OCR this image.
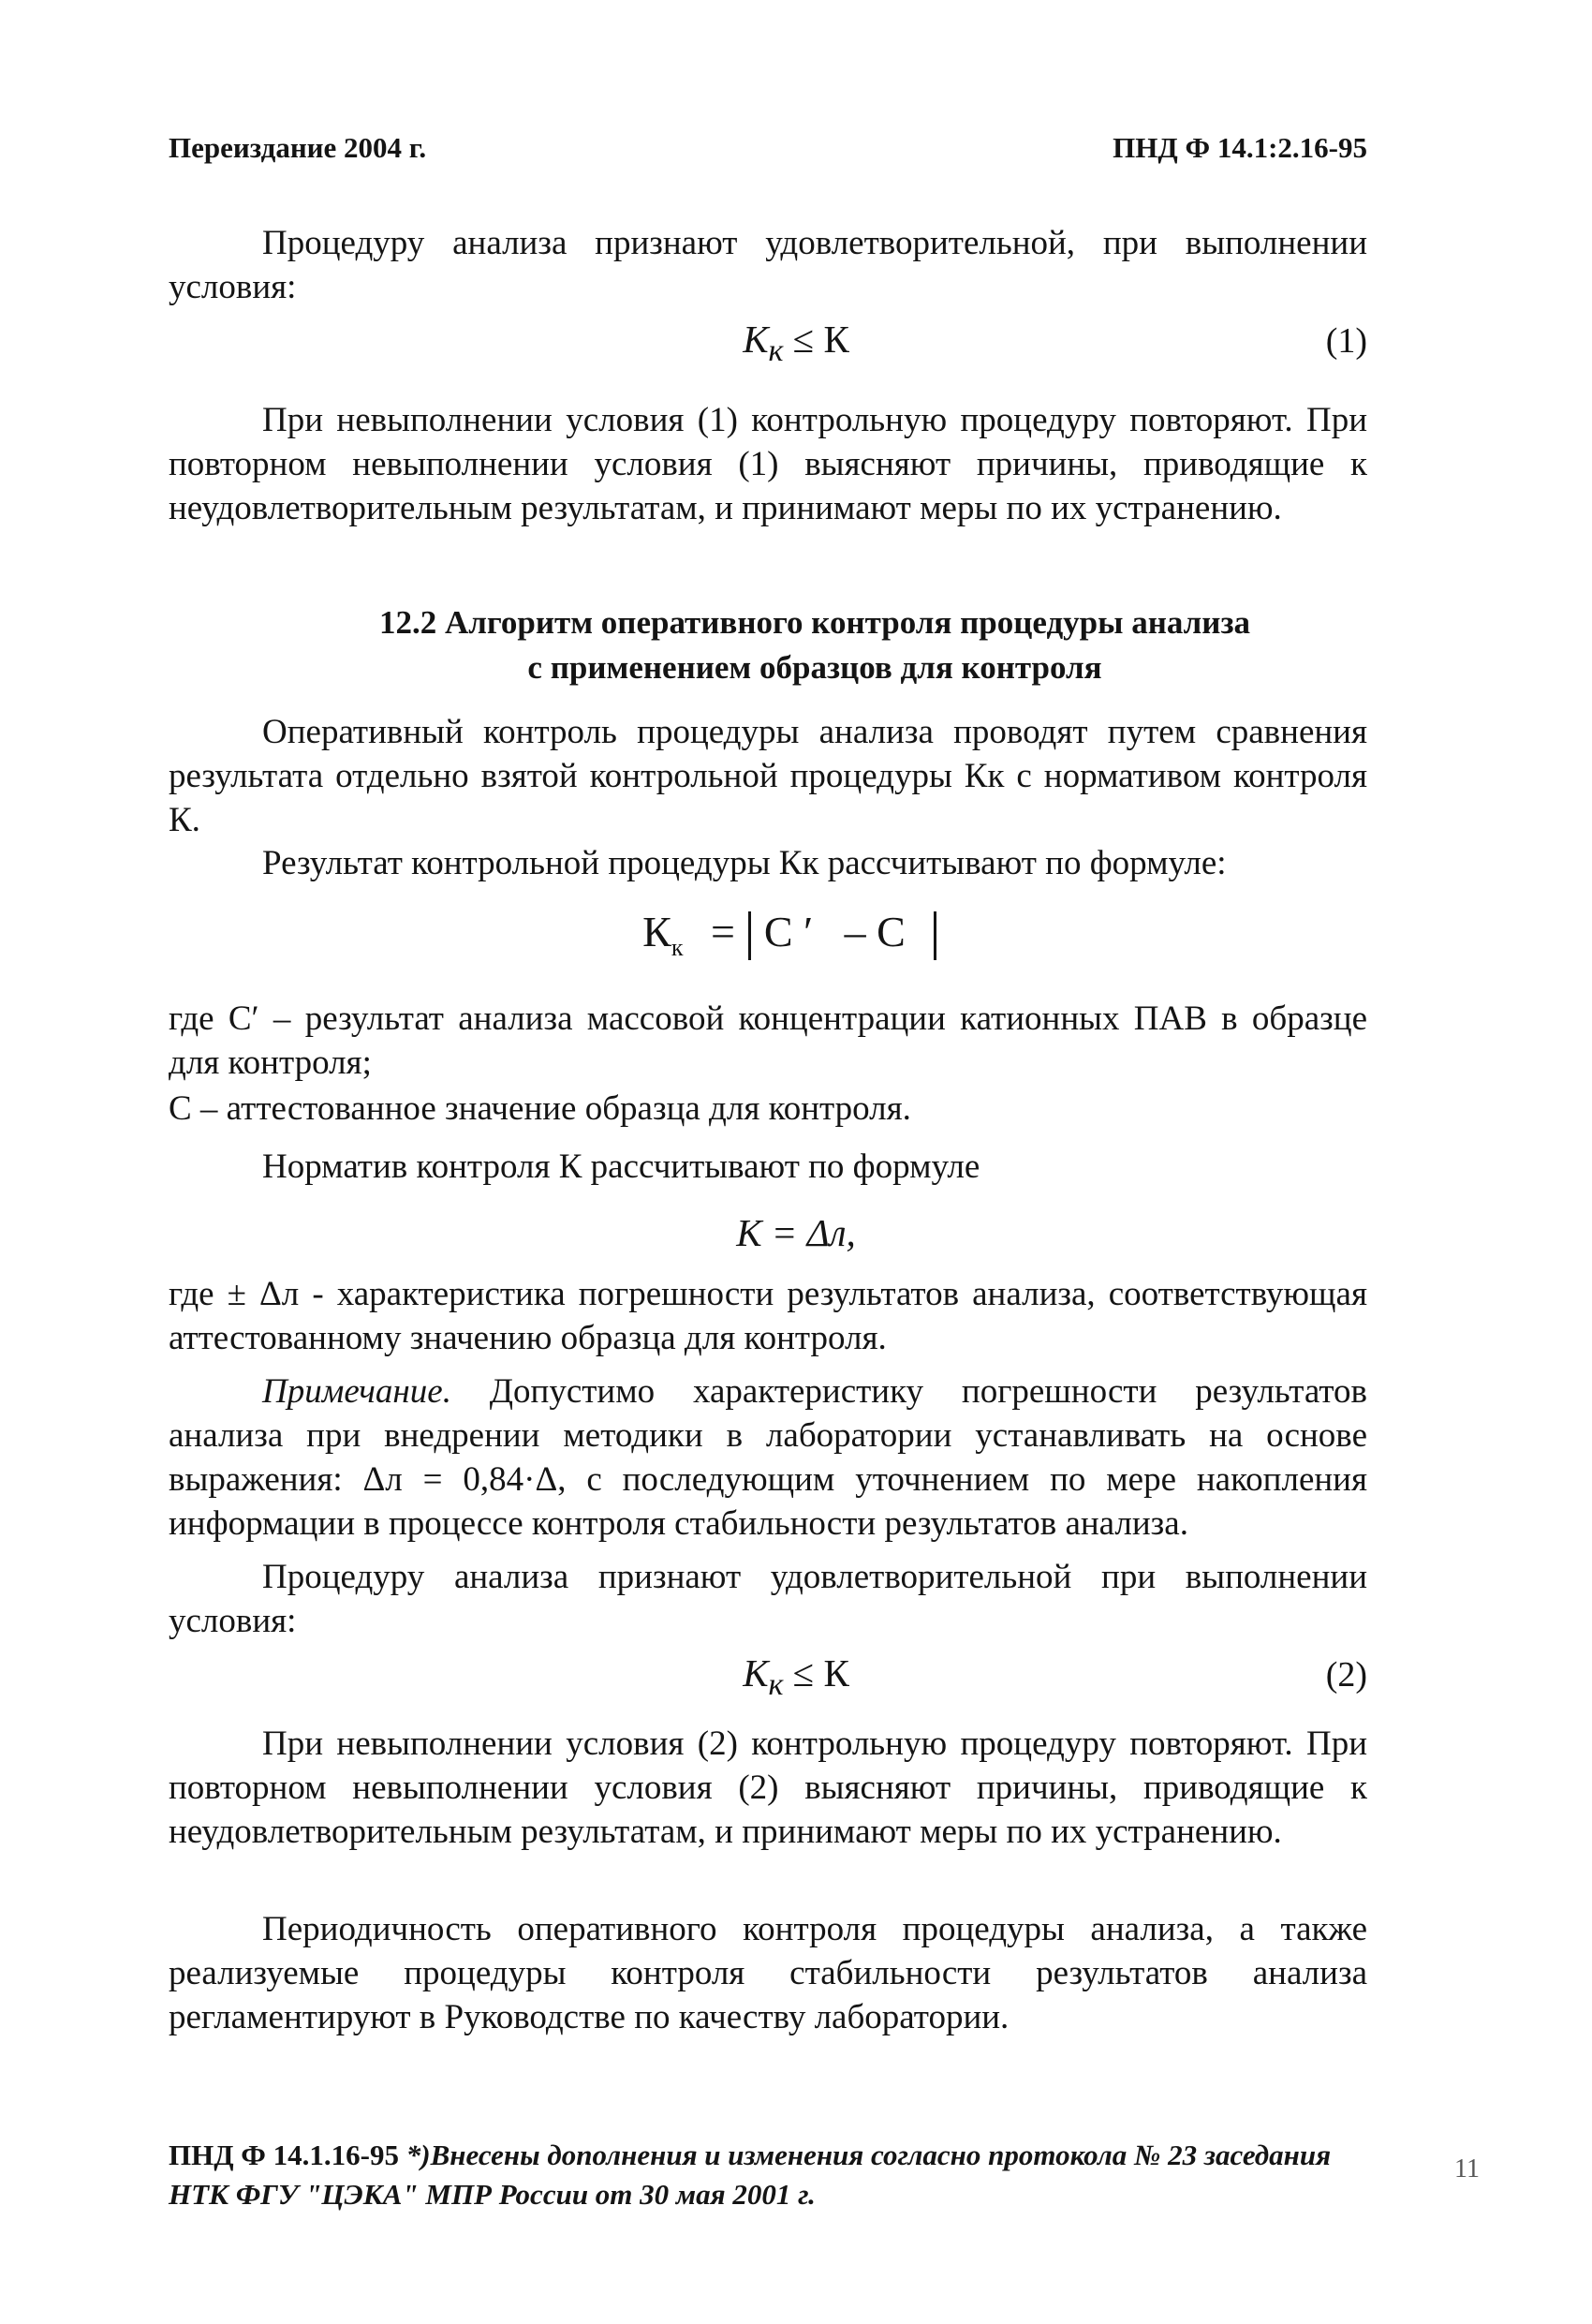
Переиздание 2004 г.	ПНД Ф 14.1:2.16-95

Процедуру анализа признают удовлетворительной, при выполнении условия:

$К_к \le К$	(1)

При невыполнении условия (1) контрольную процедуру повторяют. При повторном невыполнении условия (1) выясняют причины, приводящие к неудовлетворительным результатам, и принимают меры по их устранению.

12.2 Алгоритм оперативного контроля процедуры анализа
с применением образцов для контроля

Оперативный контроль процедуры анализа проводят путем сравнения результата отдельно взятой контрольной процедуры Кк с нормативом контроля К.

Результат контрольной процедуры Кк рассчитывают по формуле:

$К_к = С$ ′ – С

где С′ – результат анализа массовой концентрации катионных ПАВ в образце для контроля;

С – аттестованное значение образца для контроля.

Норматив контроля К рассчитывают по формуле

К = Δл,

где ± Δл - характеристика погрешности результатов анализа, соответствующая аттестованному значению образца для контроля.

Примечание. Допустимо характеристику погрешности результатов анализа при внедрении методики в лаборатории устанавливать на основе выражения: Δл = 0,84·Δ, с последующим уточнением по мере накопления информации в процессе контроля стабильности результатов анализа.

Процедуру анализа признают удовлетворительной при выполнении условия:

$К_к \le К$	(2)

При невыполнении условия (2) контрольную процедуру повторяют. При повторном невыполнении условия (2) выясняют причины, приводящие к неудовлетворительным результатам, и принимают меры по их устранению.

Периодичность оперативного контроля процедуры анализа, а также реализуемые процедуры контроля стабильности результатов анализа регламентируют в Руководстве по качеству лаборатории.

ПНД Ф 14.1.16-95 *)Внесены дополнения и изменения согласно протокола № 23 заседания НТК ФГУ "ЦЭКА" МПР России от 30 мая 2001 г.
11
